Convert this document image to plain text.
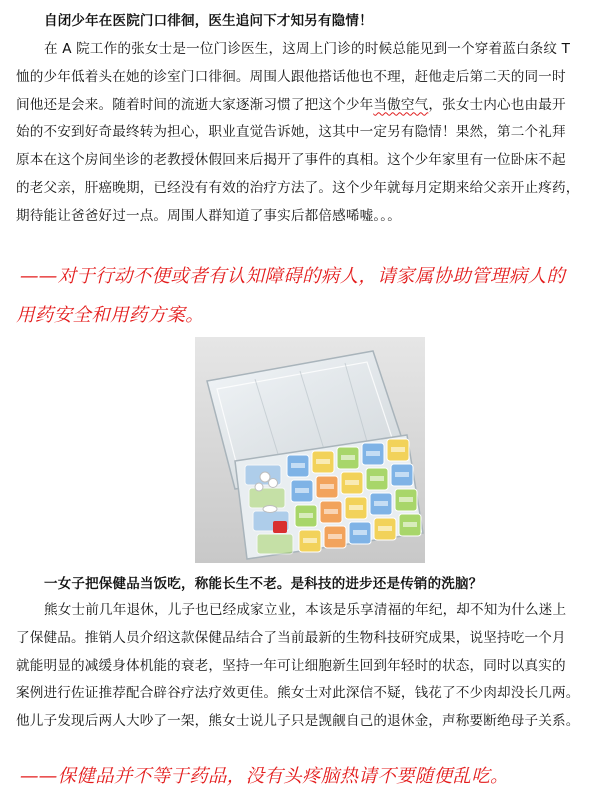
自闭少年在医院门口徘徊，医生追问下才知另有隐情！
在 A 院工作的张女士是一位门诊医生，这周上门诊的时候总能见到一个穿着蓝白条纹 T
恤的少年低着头在她的诊室门口徘徊。周围人跟他搭话他也不理，赶他走后第二天的同一时
间他还是会来。随着时间的流逝大家逐渐习惯了把这个少年当傲空气，张女士内心也由最开
始的不安到好奇最终转为担心，职业直觉告诉她，这其中一定另有隐情！果然，第二个礼拜
原本在这个房间坐诊的老教授休假回来后揭开了事件的真相。这个少年家里有一位卧床不起
的老父亲，肝癌晚期，已经没有有效的治疗方法了。这个少年就每月定期来给父亲开止疼药，
期待能让爸爸好过一点。周围人群知道了事实后都倍感唏嘘。。。
——对于行动不便或者有认知障碍的病人，请家属协助管理病人的
用药安全和用药方案。
一女子把保健品当饭吃，称能长生不老。是科技的进步还是传销的洗脑？
熊女士前几年退休，儿子也已经成家立业，本该是乐享清福的年纪，却不知为什么迷上
了保健品。推销人员介绍这款保健品结合了当前最新的生物科技研究成果，说坚持吃一个月
就能明显的减缓身体机能的衰老，坚持一年可让细胞新生回到年轻时的状态，同时以真实的
案例进行佐证推荐配合辟谷疗法疗效更佳。熊女士对此深信不疑，钱花了不少肉却没长几两。
他儿子发现后两人大吵了一架，熊女士说儿子只是觊觎自己的退休金，声称要断绝母子关系。
——保健品并不等于药品，没有头疼脑热请不要随便乱吃。
